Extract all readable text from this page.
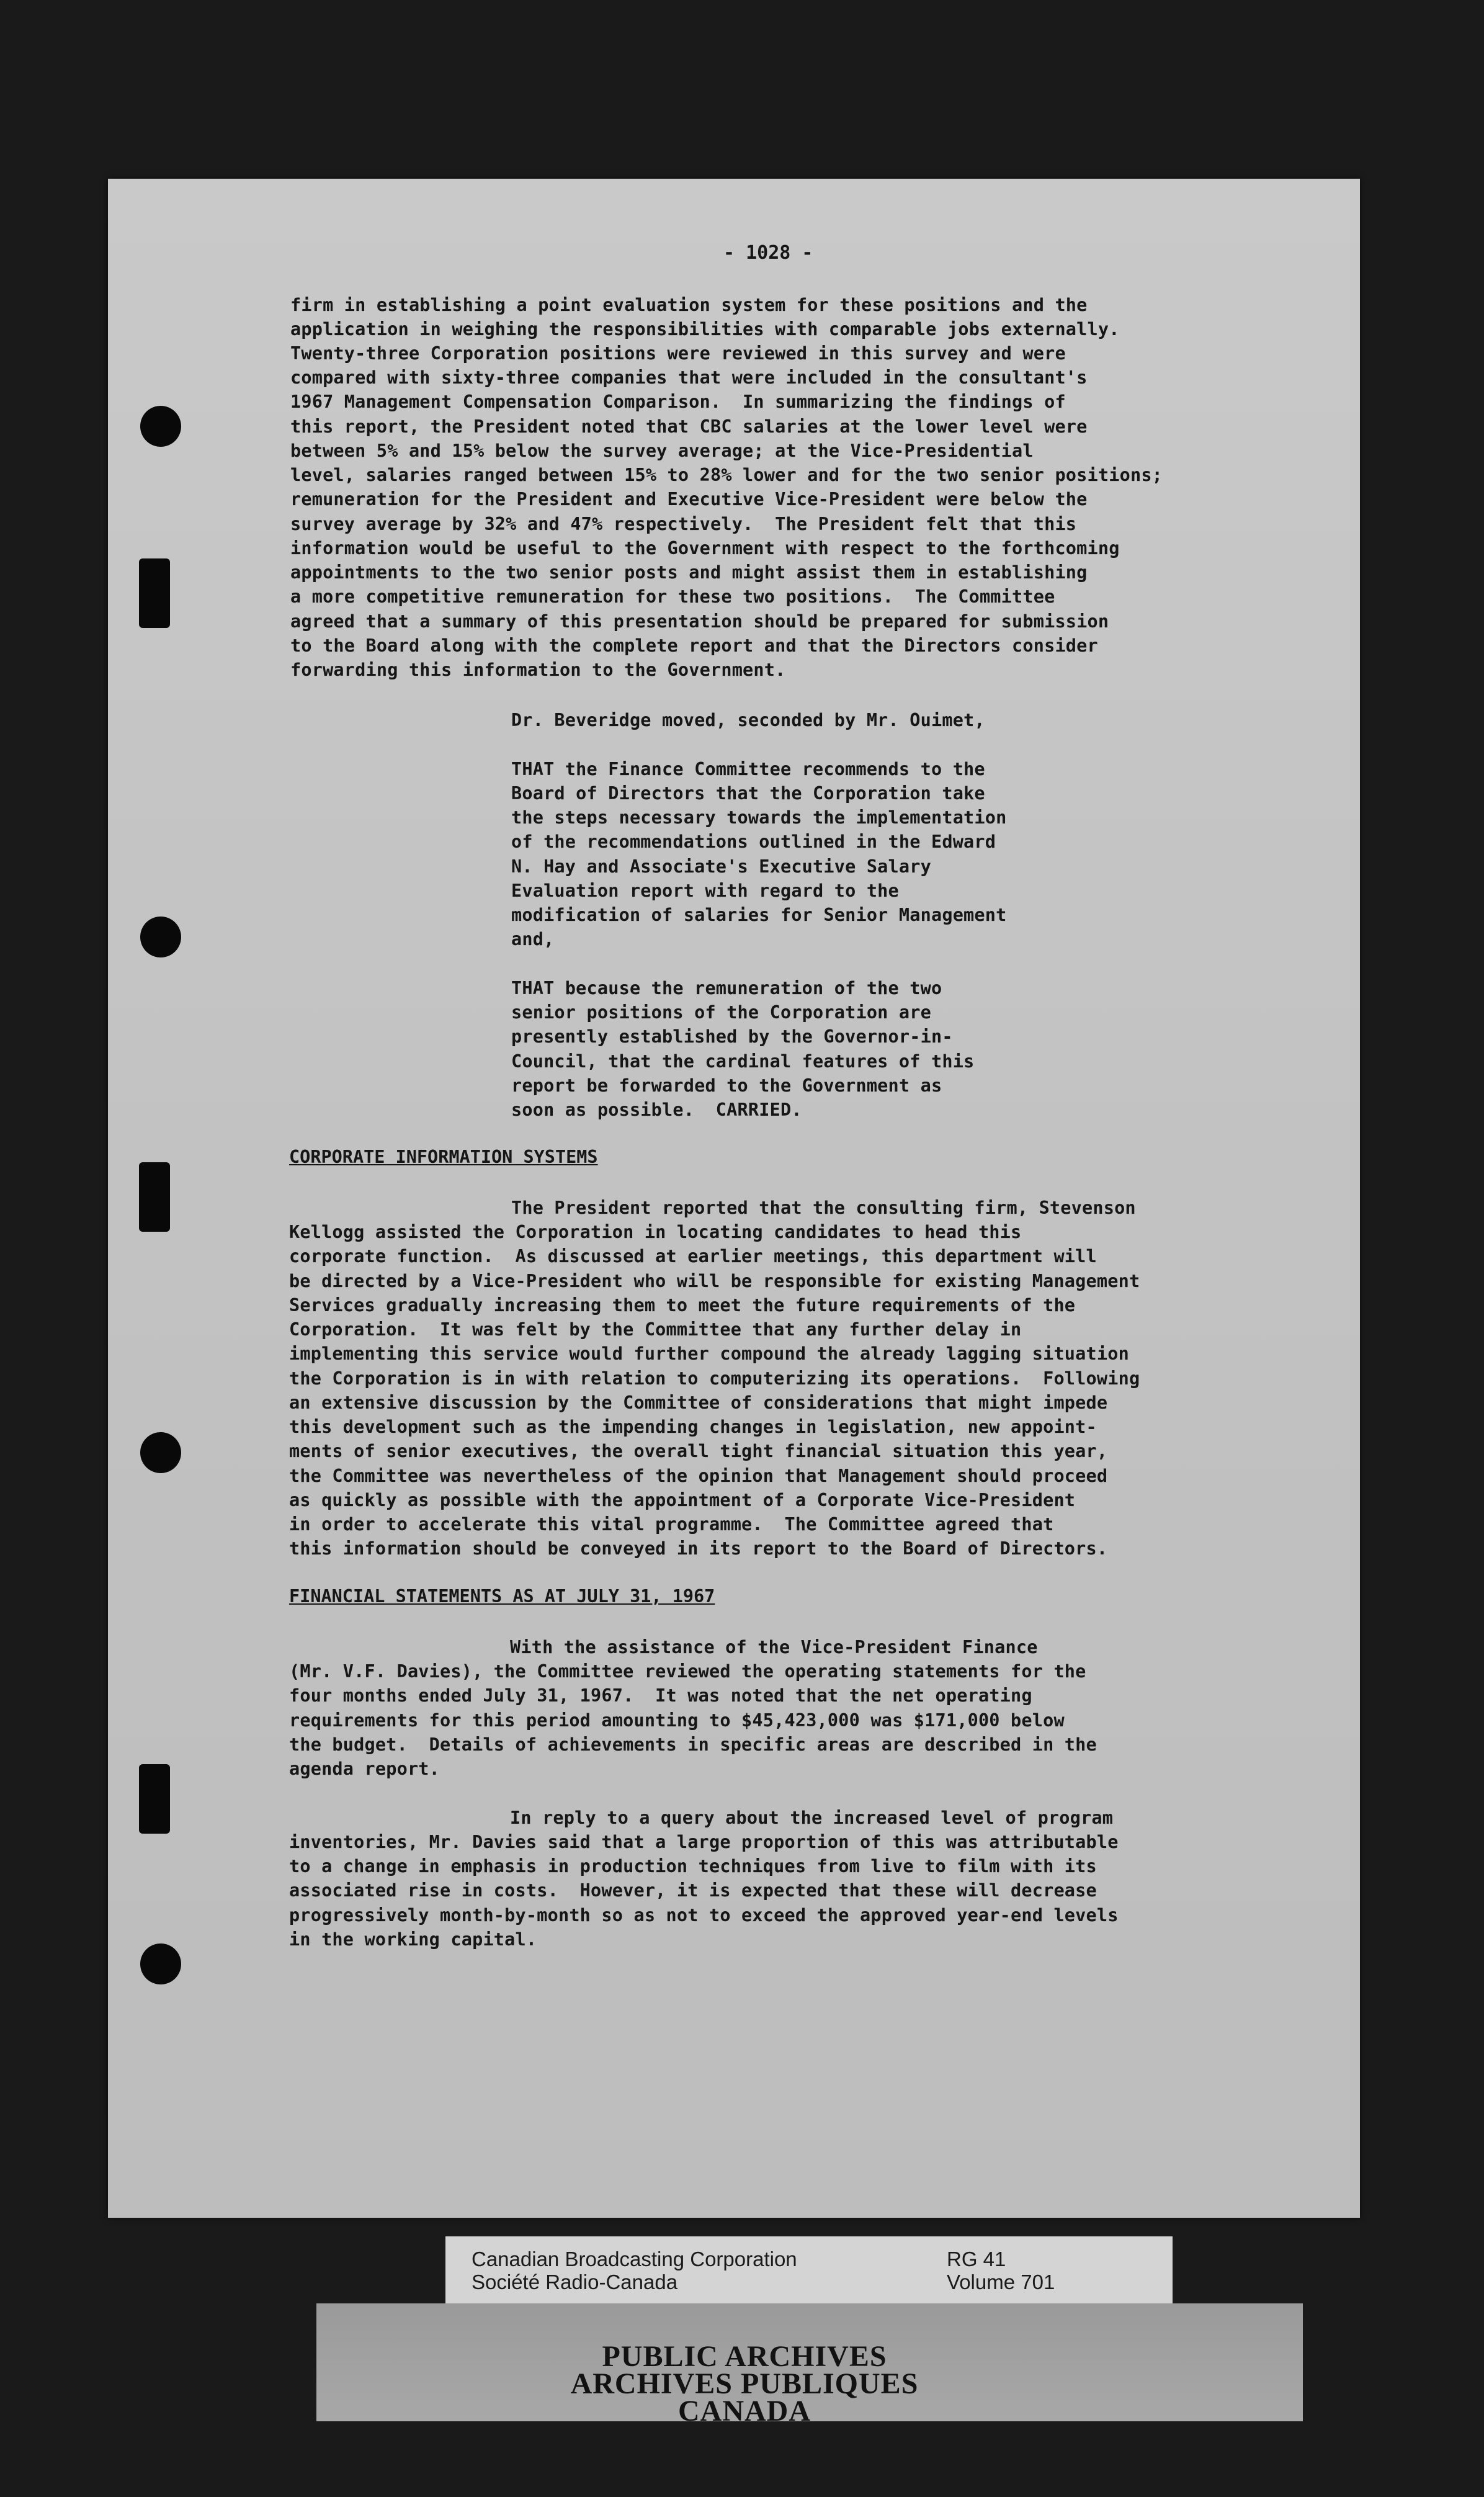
- 1028 -

firm in establishing a point evaluation system for these positions and the

application in weighing the responsibilities with comparable jobs externally.

Twenty-three Corporation positions were reviewed in this survey and were

compared with sixty-three companies that were included in the consultant's

1967 Management Compensation Comparison.  In summarizing the findings of

this report, the President noted that CBC salaries at the lower level were

between 5% and 15% below the survey average; at the Vice-Presidential

level, salaries ranged between 15% to 28% lower and for the two senior positions;

remuneration for the President and Executive Vice-President were below the

survey average by 32% and 47% respectively.  The President felt that this

information would be useful to the Government with respect to the forthcoming

appointments to the two senior posts and might assist them in establishing

a more competitive remuneration for these two positions.  The Committee

agreed that a summary of this presentation should be prepared for submission

to the Board along with the complete report and that the Directors consider

forwarding this information to the Government.

Dr. Beveridge moved, seconded by Mr. Ouimet,

THAT the Finance Committee recommends to the

Board of Directors that the Corporation take

the steps necessary towards the implementation

of the recommendations outlined in the Edward

N. Hay and Associate's Executive Salary

Evaluation report with regard to the

modification of salaries for Senior Management

and,

THAT because the remuneration of the two

senior positions of the Corporation are

presently established by the Governor-in-

Council, that the cardinal features of this

report be forwarded to the Government as

soon as possible.  CARRIED.

CORPORATE INFORMATION SYSTEMS

The President reported that the consulting firm, Stevenson

Kellogg assisted the Corporation in locating candidates to head this

corporate function.  As discussed at earlier meetings, this department will

be directed by a Vice-President who will be responsible for existing Management

Services gradually increasing them to meet the future requirements of the

Corporation.  It was felt by the Committee that any further delay in

implementing this service would further compound the already lagging situation

the Corporation is in with relation to computerizing its operations.  Following

an extensive discussion by the Committee of considerations that might impede

this development such as the impending changes in legislation, new appoint-

ments of senior executives, the overall tight financial situation this year,

the Committee was nevertheless of the opinion that Management should proceed

as quickly as possible with the appointment of a Corporate Vice-President

in order to accelerate this vital programme.  The Committee agreed that

this information should be conveyed in its report to the Board of Directors.

FINANCIAL STATEMENTS AS AT JULY 31, 1967

With the assistance of the Vice-President Finance

(Mr. V.F. Davies), the Committee reviewed the operating statements for the

four months ended July 31, 1967.  It was noted that the net operating

requirements for this period amounting to $45,423,000 was $171,000 below

the budget.  Details of achievements in specific areas are described in the

agenda report.

In reply to a query about the increased level of program

inventories, Mr. Davies said that a large proportion of this was attributable

to a change in emphasis in production techniques from live to film with its

associated rise in costs.  However, it is expected that these will decrease

progressively month-by-month so as not to exceed the approved year-end levels

in the working capital.

Canadian Broadcasting Corporation
Société Radio-Canada
RG 41
Volume 701
PUBLIC ARCHIVES
ARCHIVES PUBLIQUES
CANADA
